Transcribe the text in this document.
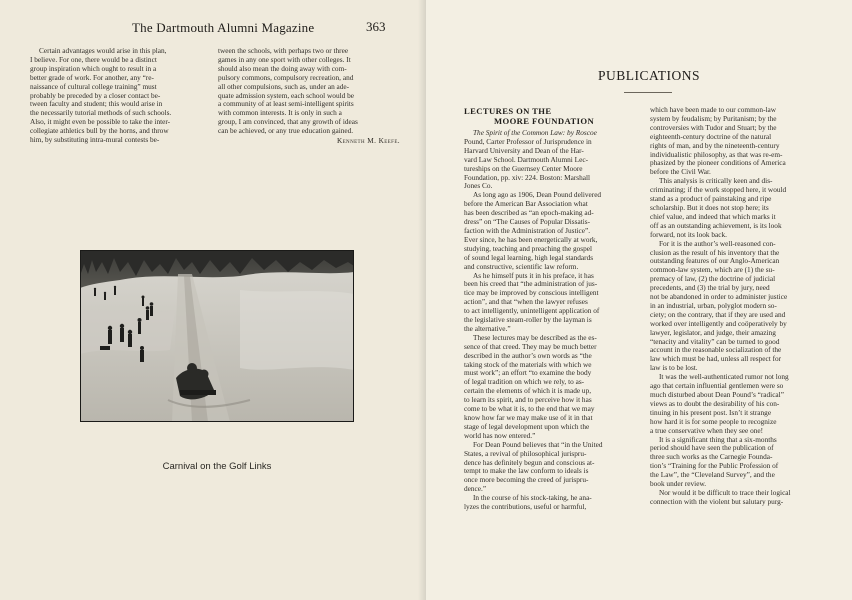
The Dartmouth Alumni Magazine	363
Certain advantages would arise in this plan,
I believe. For one, there would be a distinct
group inspiration which ought to result in a
better grade of work. For another, any “re-
naissance of cultural college training” must
probably be preceded by a closer contact be-
tween faculty and student; this would arise in
the necessarily tutorial methods of such schools.
Also, it might even be possible to take the inter-
collegiate athletics bull by the horns, and throw
him, by substituting intra-mural contests be-
tween the schools, with perhaps two or three
games in any one sport with other colleges. It
should also mean the doing away with com-
pulsory commons, compulsory recreation, and
all other compulsions, such as, under an ade-
quate admission system, each school would be
a community of at least semi-intelligent spirits
with common interests. It is only in such a
group, I am convinced, that any growth of ideas
can be achieved, or any true education gained.
Kenneth M. Keefe.
Carnival on the Golf Links
PUBLICATIONS
LECTURES ON THE
MOORE FOUNDATION
The Spirit of the Common Law: by Roscoe
Pound, Carter Professor of Jurisprudence in
Harvard University and Dean of the Har-
vard Law School. Dartmouth Alumni Lec-
tureships on the Guernsey Center Moore
Foundation, pp. xiv: 224. Boston: Marshall
Jones Co.
As long ago as 1906, Dean Pound delivered
before the American Bar Association what
has been described as “an epoch-making ad-
dress” on “The Causes of Popular Dissatis-
faction with the Administration of Justice”.
Ever since, he has been energetically at work,
studying, teaching and preaching the gospel
of sound legal learning, high legal standards
and constructive, scientific law reform.
As he himself puts it in his preface, it has
been his creed that “the administration of jus-
tice may be improved by conscious intelligent
action”, and that “when the lawyer refuses
to act intelligently, unintelligent application of
the legislative steam-roller by the layman is
the alternative.”
These lectures may be described as the es-
sence of that creed. They may be much better
described in the author’s own words as “the
taking stock of the materials with which we
must work”; an effort “to examine the body
of legal tradition on which we rely, to as-
certain the elements of which it is made up,
to learn its spirit, and to perceive how it has
come to be what it is, to the end that we may
know how far we may make use of it in that
stage of legal development upon which the
world has now entered.”
For Dean Pound believes that “in the United
States, a revival of philosophical jurispru-
dence has definitely begun and conscious at-
tempt to make the law conform to ideals is
once more becoming the creed of jurispru-
dence.”
In the course of his stock-taking, he ana-
lyzes the contributions, useful or harmful,
which have been made to our common-law
system by feudalism; by Puritanism; by the
controversies with Tudor and Stuart; by the
eighteenth-century doctrine of the natural
rights of man, and by the nineteenth-century
individualistic philosophy, as that was re-em-
phasized by the pioneer conditions of America
before the Civil War.
This analysis is critically keen and dis-
criminating; if the work stopped here, it would
stand as a product of painstaking and ripe
scholarship. But it does not stop here; its
chief value, and indeed that which marks it
off as an outstanding achievement, is its look
forward, not its look back.
For it is the author’s well-reasoned con-
clusion as the result of his inventory that the
outstanding features of our Anglo-American
common-law system, which are (1) the su-
premacy of law, (2) the doctrine of judicial
precedents, and (3) the trial by jury, need
not be abandoned in order to administer justice
in an industrial, urban, polyglot modern so-
ciety; on the contrary, that if they are used and
worked over intelligently and coöperatively by
lawyer, legislator, and judge, their amazing
“tenacity and vitality” can be turned to good
account in the reasonable socialization of the
law which must be had, unless all respect for
law is to be lost.
It was the well-authenticated rumor not long
ago that certain influential gentlemen were so
much disturbed about Dean Pound’s “radical”
views as to doubt the desirability of his con-
tinuing in his present post. Isn’t it strange
how hard it is for some people to recognize
a true conservative when they see one!
It is a significant thing that a six-months
period should have seen the publication of
three such works as the Carnegie Founda-
tion’s “Training for the Public Profession of
the Law”, the “Cleveland Survey”, and the
book under review.
Nor would it be difficult to trace their logical
connection with the violent but salutary purg-
